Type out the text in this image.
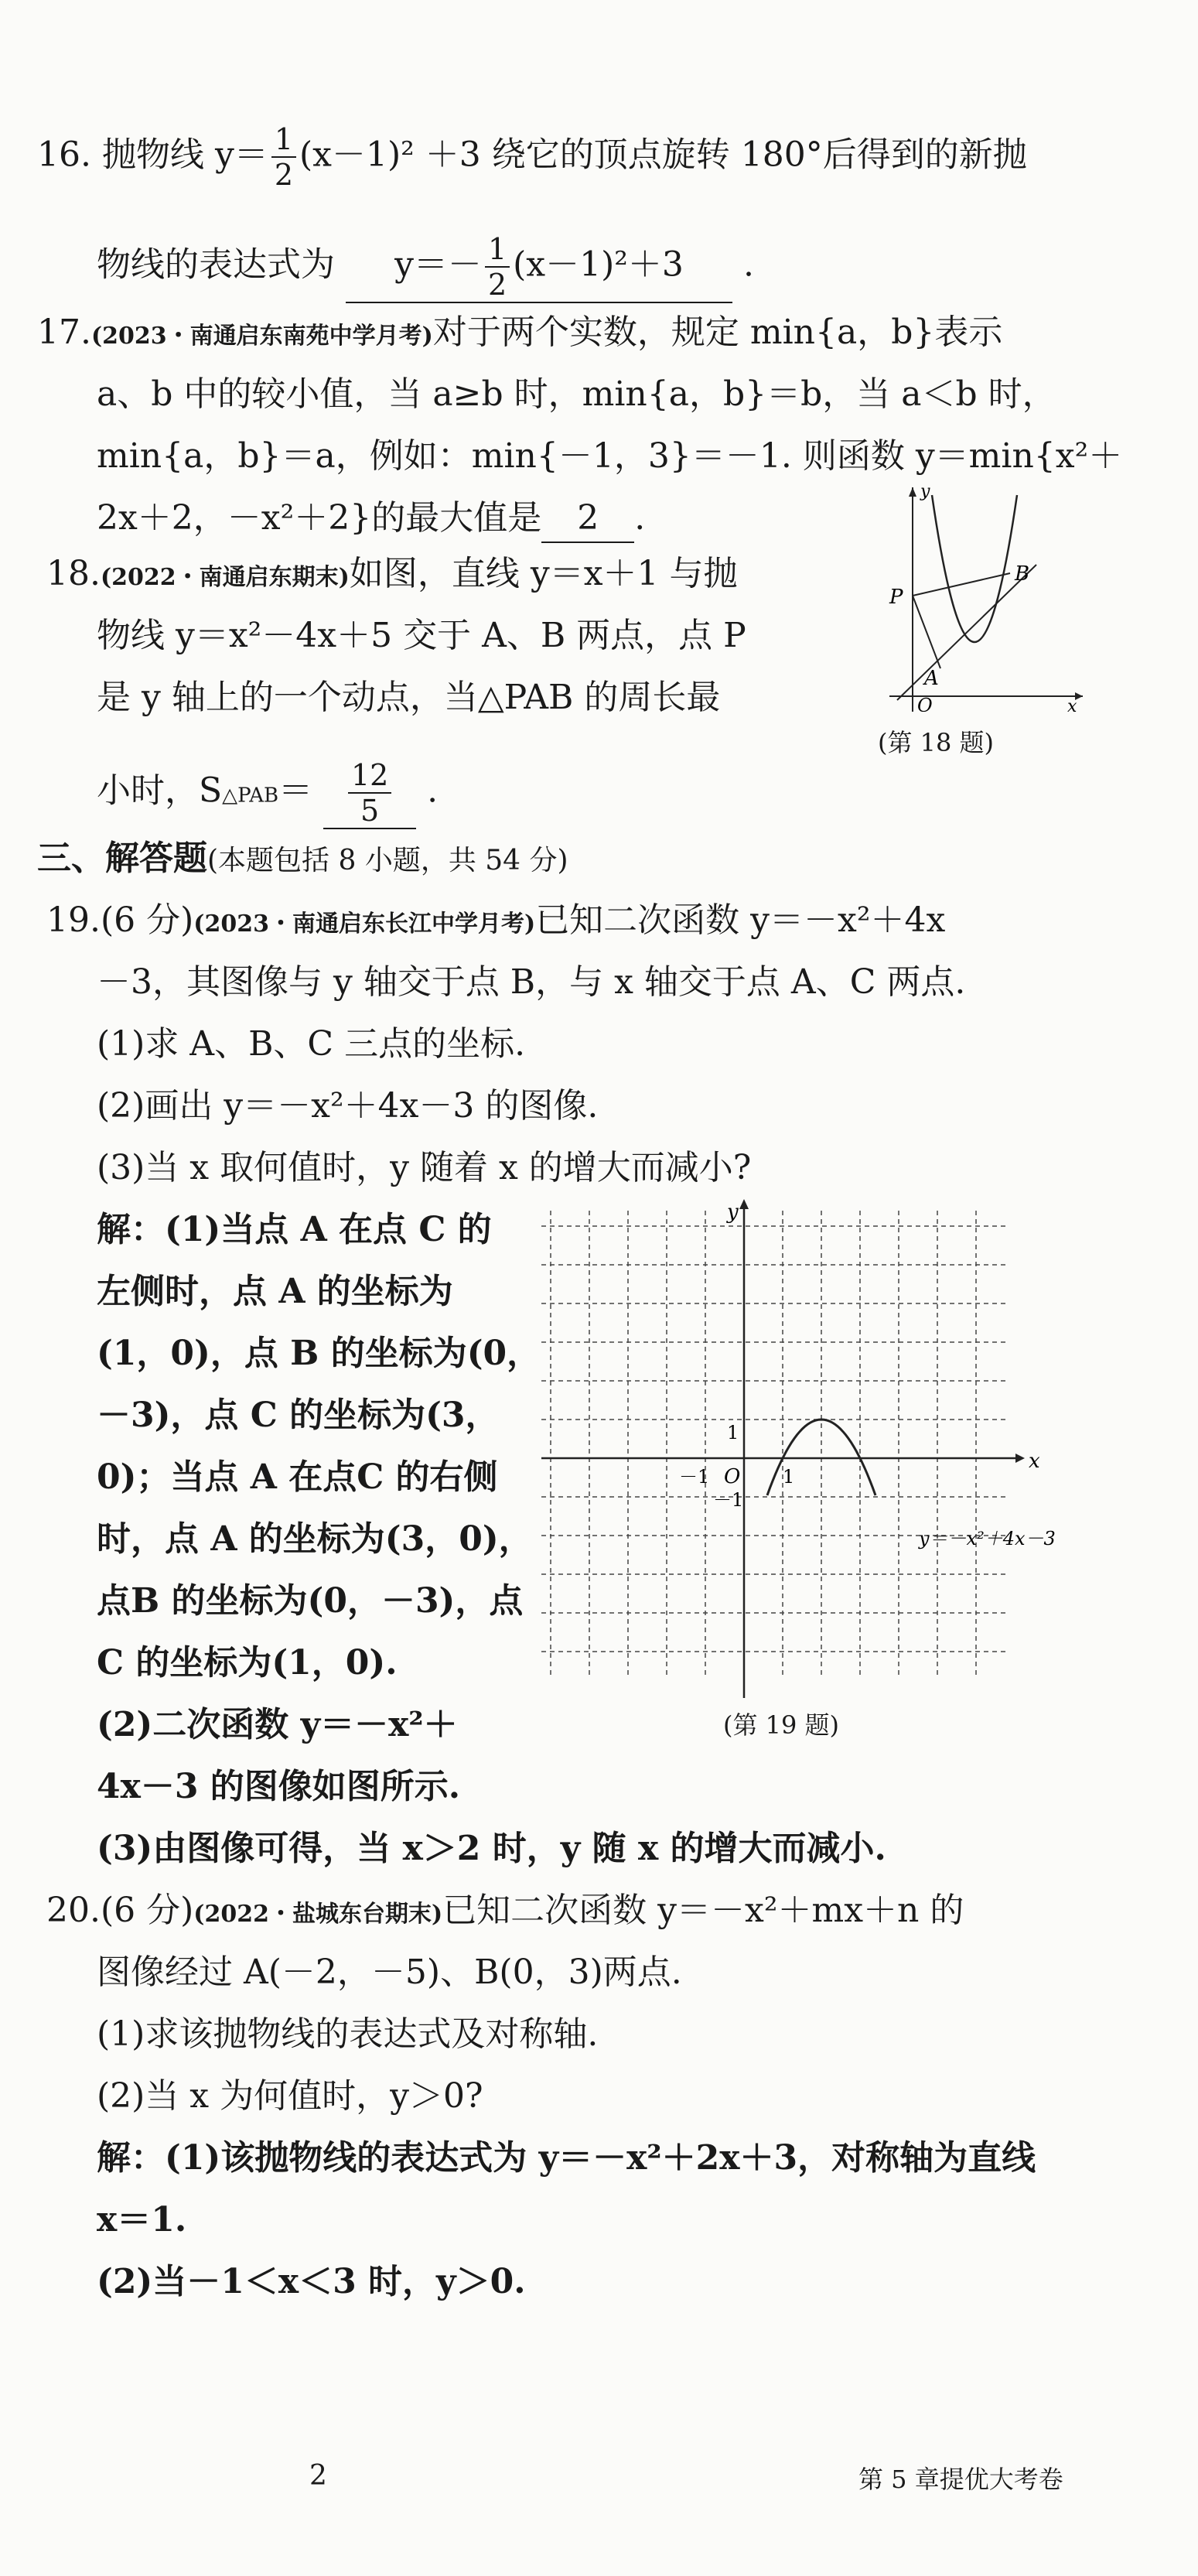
16. 抛物线 $y= \frac{1}{2} (x-1)^2 +3$ 绕它的顶点旋转 180°后得到的新抛
物线的表达式为 $y=- \frac{1}{2} (x-1)^2+3$ .
17.(2023・南通启东南苑中学月考)对于两个实数，规定 min{a，b}表示
a、b 中的较小值，当 a≥b 时，min{a，b}＝b，当 a＜b 时，
min{a，b}＝a，例如：min{－1，3}＝－1. 则函数 y＝min{x²＋
2x＋2，－x²＋2}的最大值是 2 .
18.(2022・南通启东期末)如图，直线 y＝x＋1 与抛
物线 y＝x²－4x＋5 交于 A、B 两点，点 P
是 y 轴上的一个动点，当△PAB 的周长最
小时，S△PAB＝ $\frac{12}{5}$ .
y
x
O
A
B
P
(第 18 题)
三、解答题(本题包括 8 小题，共 54 分)
19.(6 分)(2023・南通启东长江中学月考)已知二次函数 y＝－x²＋4x
－3，其图像与 y 轴交于点 B，与 x 轴交于点 A、C 两点.
(1)求 A、B、C 三点的坐标.
(2)画出 y＝－x²＋4x－3 的图像.
(3)当 x 取何值时，y 随着 x 的增大而减小?
解：(1)当点 A 在点 C 的
左侧时，点 A 的坐标为
(1，0)，点 B 的坐标为(0，
－3)，点 C 的坐标为(3，
0)；当点 A 在点C 的右侧
时，点 A 的坐标为(3，0)，
点B 的坐标为(0，－3)，点
C 的坐标为(1，0).
(2)二次函数 y＝－x²＋
4x－3 的图像如图所示.
(3)由图像可得，当 x＞2 时，y 随 x 的增大而减小.
y
x
O 1
－1
1
－1
y＝－x²＋4x－3
(第 19 题)
20.(6 分)(2022・盐城东台期末)已知二次函数 y＝－x²＋mx＋n 的
图像经过 A(－2，－5)、B(0，3)两点.
(1)求该抛物线的表达式及对称轴.
(2)当 x 为何值时，y＞0?
解：(1)该抛物线的表达式为 y＝－x²＋2x＋3，对称轴为直线
x＝1.
(2)当－1＜x＜3 时，y＞0.
2	第 5 章提优大考卷
